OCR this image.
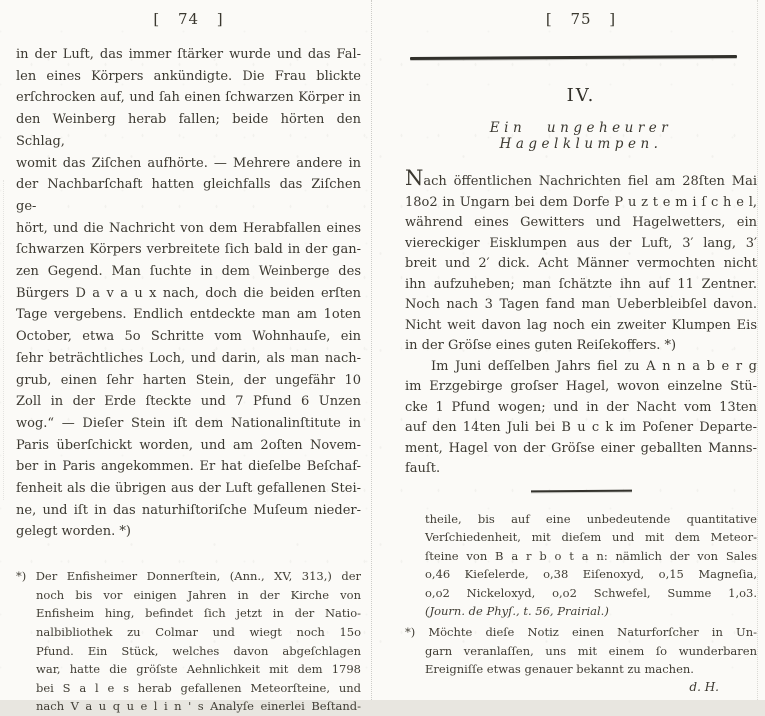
[ 74 ]
in der Luft, das immer ſtärker wurde und das Fal-
len eines Körpers ankündigte. Die Frau blickte
erſchrocken auf, und ſah einen ſchwarzen Körper in
den Weinberg herab fallen; beide hörten den Schlag,
womit das Ziſchen aufhörte. — Mehrere andere in
der Nachbarſchaft hatten gleichfalls das Ziſchen ge-
hört, und die Nachricht von dem Herabfallen eines
ſchwarzen Körpers verbreitete ſich bald in der gan-
zen Gegend. Man ſuchte in dem Weinberge des
Bürgers D a v a u x nach, doch die beiden erſten
Tage vergebens. Endlich entdeckte man am 1oten
October, etwa 5o Schritte vom Wohnhauſe, ein
ſehr beträchtliches Loch, und darin, als man nach-
grub, einen ſehr harten Stein, der ungefähr 10
Zoll in der Erde ſteckte und 7 Pfund 6 Unzen
wog.“ — Dieſer Stein iſt dem Nationalinſtitute in
Paris überſchickt worden, und am 2oſten Novem-
ber in Paris angekommen. Er hat dieſelbe Beſchaf-
fenheit als die übrigen aus der Luft gefallenen Stei-
ne, und iſt in das naturhiſtoriſche Muſeum nieder-
gelegt worden. *)
*) Der Enfisheimer Donnerſtein, (Ann., XV, 313,) der
noch bis vor einigen Jahren in der Kirche von
Enfisheim hing, befindet ſich jetzt in der Natio-
nalbibliothek zu Colmar und wiegt noch 15o
Pfund. Ein Stück, welches davon abgeſchlagen
war, hatte die gröſste Aehnlichkeit mit dem 1798
bei S a l e s herab gefallenen Meteorſteine, und
nach V a u q u e l i n ' s Analyſe einerlei Beſtand-
[ 75 ]
IV.
Ein ungeheurer Hagelklumpen.
Nach öffentlichen Nachrichten fiel am 28ſten Mai
18o2 in Ungarn bei dem Dorfe P u z t e m i ſ c h e l,
während eines Gewitters und Hagelwetters, ein
viereckiger Eisklumpen aus der Luft, 3′ lang, 3′
breit und 2′ dick. Acht Männer vermochten nicht
ihn aufzuheben; man ſchätzte ihn auf 11 Zentner.
Noch nach 3 Tagen fand man Ueberbleibſel davon.
Nicht weit davon lag noch ein zweiter Klumpen Eis
in der Gröſse eines guten Reiſekoffers. *)
Im Juni deſſelben Jahrs fiel zu A n n a b e r g
im Erzgebirge groſser Hagel, wovon einzelne Stü-
cke 1 Pfund wogen; und in der Nacht vom 13ten
auf den 14ten Juli bei B u c k im Poſener Departe-
ment, Hagel von der Gröſse einer geballten Manns-
fauſt.
theile, bis auf eine unbedeutende quantitative
Verſchiedenheit, mit dieſem und mit dem Meteor-
ſteine von B a r b o t a n: nämlich der von Sales
o,46 Kieſelerde, o,38 Eiſenoxyd, o,15 Magneſia,
o,o2 Nickeloxyd, o,o2 Schwefel, Summe 1,o3.
(Journ. de Phyſ., t. 56, Prairial.)
*) Möchte dieſe Notiz einen Naturforſcher in Un-
garn veranlaſſen, uns mit einem ſo wunderbaren
Ereigniſſe etwas genauer bekannt zu machen.
d. H.
